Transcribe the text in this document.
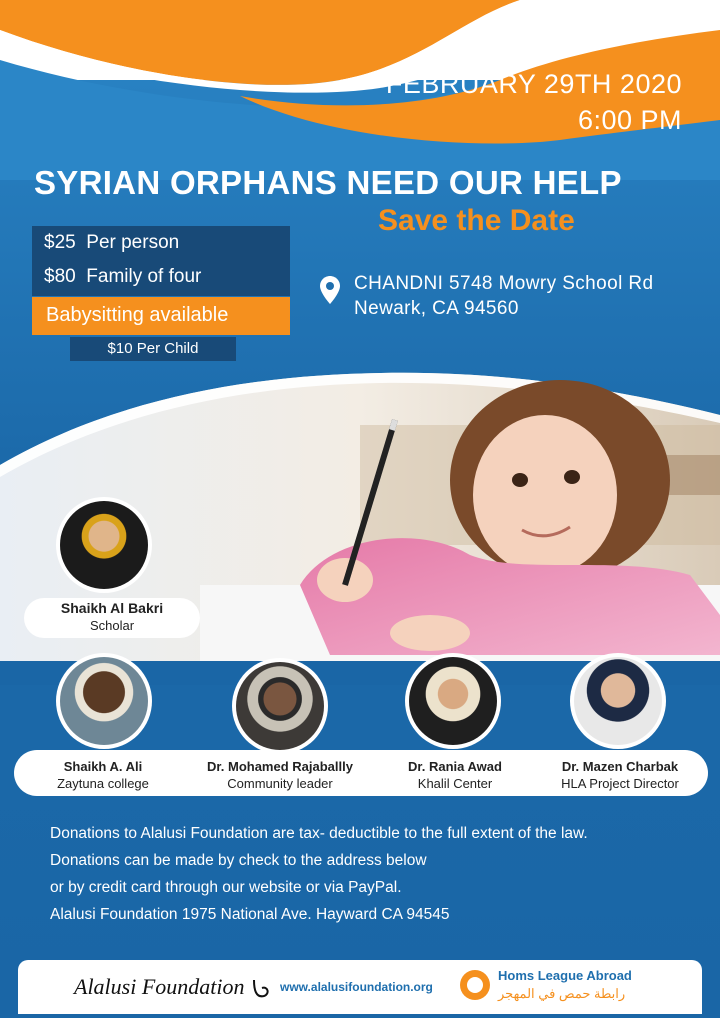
FEBRUARY 29TH 2020
6:00 PM
SYRIAN ORPHANS NEED OUR HELP
Save the Date
$25 Per person
$80 Family of four
Babysitting available
$10 Per Child
CHANDNI 5748 Mowry School Rd
Newark, CA 94560
Shaikh Al Bakri
Scholar
Shaikh A. Ali
Zaytuna college
Dr. Mohamed Rajaballly
Community leader
Dr. Rania Awad
Khalil Center
Dr. Mazen Charbak
HLA Project Director
Donations to Alalusi Foundation are tax- deductible to the full extent of the law.
Donations can be made by check to the address below
or by credit card through our website or via PayPal.
Alalusi Foundation 1975 National Ave. Hayward CA 94545
Alalusi Foundation	www.alalusifoundation.org
Homs League Abroad
رابطة حمص في المهجر
